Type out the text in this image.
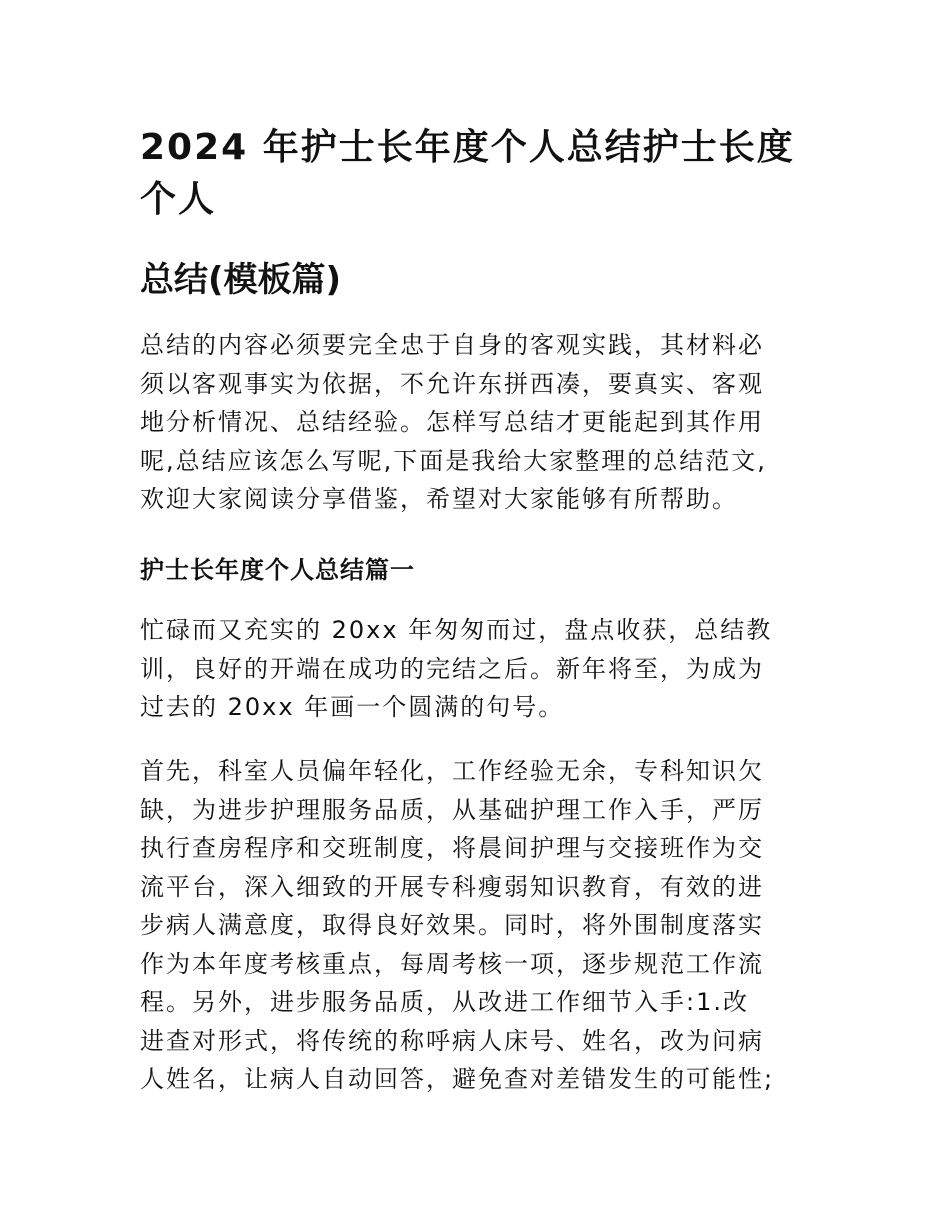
2024 年护士长年度个人总结护士长度
个人
总结(模板篇)

总结的内容必须要完全忠于自身的客观实践，其材料必
须以客观事实为依据，不允许东拼西凑，要真实、客观
地分析情况、总结经验。怎样写总结才更能起到其作用
呢,总结应该怎么写呢,下面是我给大家整理的总结范文,
欢迎大家阅读分享借鉴，希望对大家能够有所帮助。

护士长年度个人总结篇一

忙碌而又充实的 20xx 年匆匆而过，盘点收获，总结教
训，良好的开端在成功的完结之后。新年将至，为成为
过去的 20xx 年画一个圆满的句号。

首先，科室人员偏年轻化，工作经验无余，专科知识欠
缺，为进步护理服务品质，从基础护理工作入手，严厉
执行查房程序和交班制度，将晨间护理与交接班作为交
流平台，深入细致的开展专科瘦弱知识教育，有效的进
步病人满意度，取得良好效果。同时，将外围制度落实
作为本年度考核重点，每周考核一项，逐步规范工作流
程。另外，进步服务品质，从改进工作细节入手:1.改
进查对形式，将传统的称呼病人床号、姓名，改为问病
人姓名，让病人自动回答，避免查对差错发生的可能性;
